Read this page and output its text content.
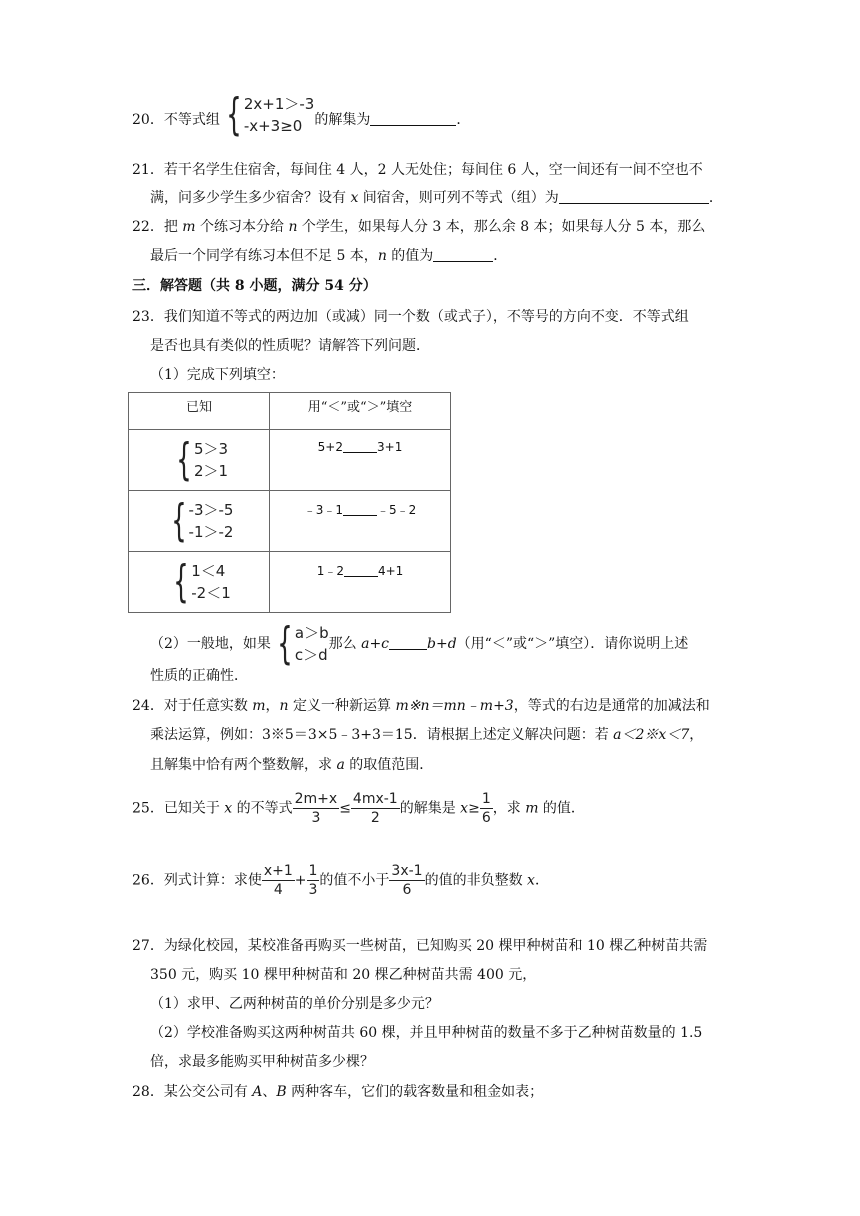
20．不等式组 { 2x+1＞-3
-x+3≥0 的解集为	．
21．若干名学生住宿舍，每间住 4 人，2 人无处住；每间住 6 人，空一间还有一间不空也不
满，问多少学生多少宿舍？设有 x 间宿舍，则可列不等式（组）为	．
22．把 m 个练习本分给 n 个学生，如果每人分 3 本，那么余 8 本；如果每人分 5 本，那么
最后一个同学有练习本但不足 5 本，n 的值为	．
三．解答题（共 8 小题，满分 54 分）
23．我们知道不等式的两边加（或减）同一个数（或式子），不等号的方向不变．不等式组
是否也具有类似的性质呢？请解答下列问题．
（1）完成下列填空：
已知	用“＜”或“＞”填空

{ 5＞3
2＞1	5+2 3+1

{ -3＞-5
-1＞-2	﹣3﹣1 ﹣5﹣2

{ 1＜4
-2＜1	1﹣2 4+1
（2）一般地，如果 { a＞b
c＞d
那么 a+c	b+d（用“＜”或“＞”填空）．请你说明上述
性质的正确性．
24．对于任意实数 m，n 定义一种新运算 m※n＝mn﹣m+3，等式的右边是通常的加减法和
乘法运算，例如：3※5＝3×5﹣3+3＝15．请根据上述定义解决问题：若 a＜2※x＜7，
且解集中恰有两个整数解，求 a 的取值范围．
25．已知关于 x 的不等式 $\frac{2m+x}{3} \le \frac{4mx-1}{2}$ 的解集是 $x\ge \frac{1}{6}$ ，求 m 的值．
26．列式计算：求使 $\frac{x+1}{4} + \frac{1}{3}$ 的值不小于 $\frac{3x-1}{6}$ 的值的非负整数 x．
27．为绿化校园，某校准备再购买一些树苗，已知购买 20 棵甲种树苗和 10 棵乙种树苗共需
350 元，购买 10 棵甲种树苗和 20 棵乙种树苗共需 400 元，
（1）求甲、乙两种树苗的单价分别是多少元？
（2）学校准备购买这两种树苗共 60 棵，并且甲种树苗的数量不多于乙种树苗数量的 1.5
倍，求最多能购买甲种树苗多少棵？
28．某公交公司有 A、B 两种客车，它们的载客数量和租金如表；
